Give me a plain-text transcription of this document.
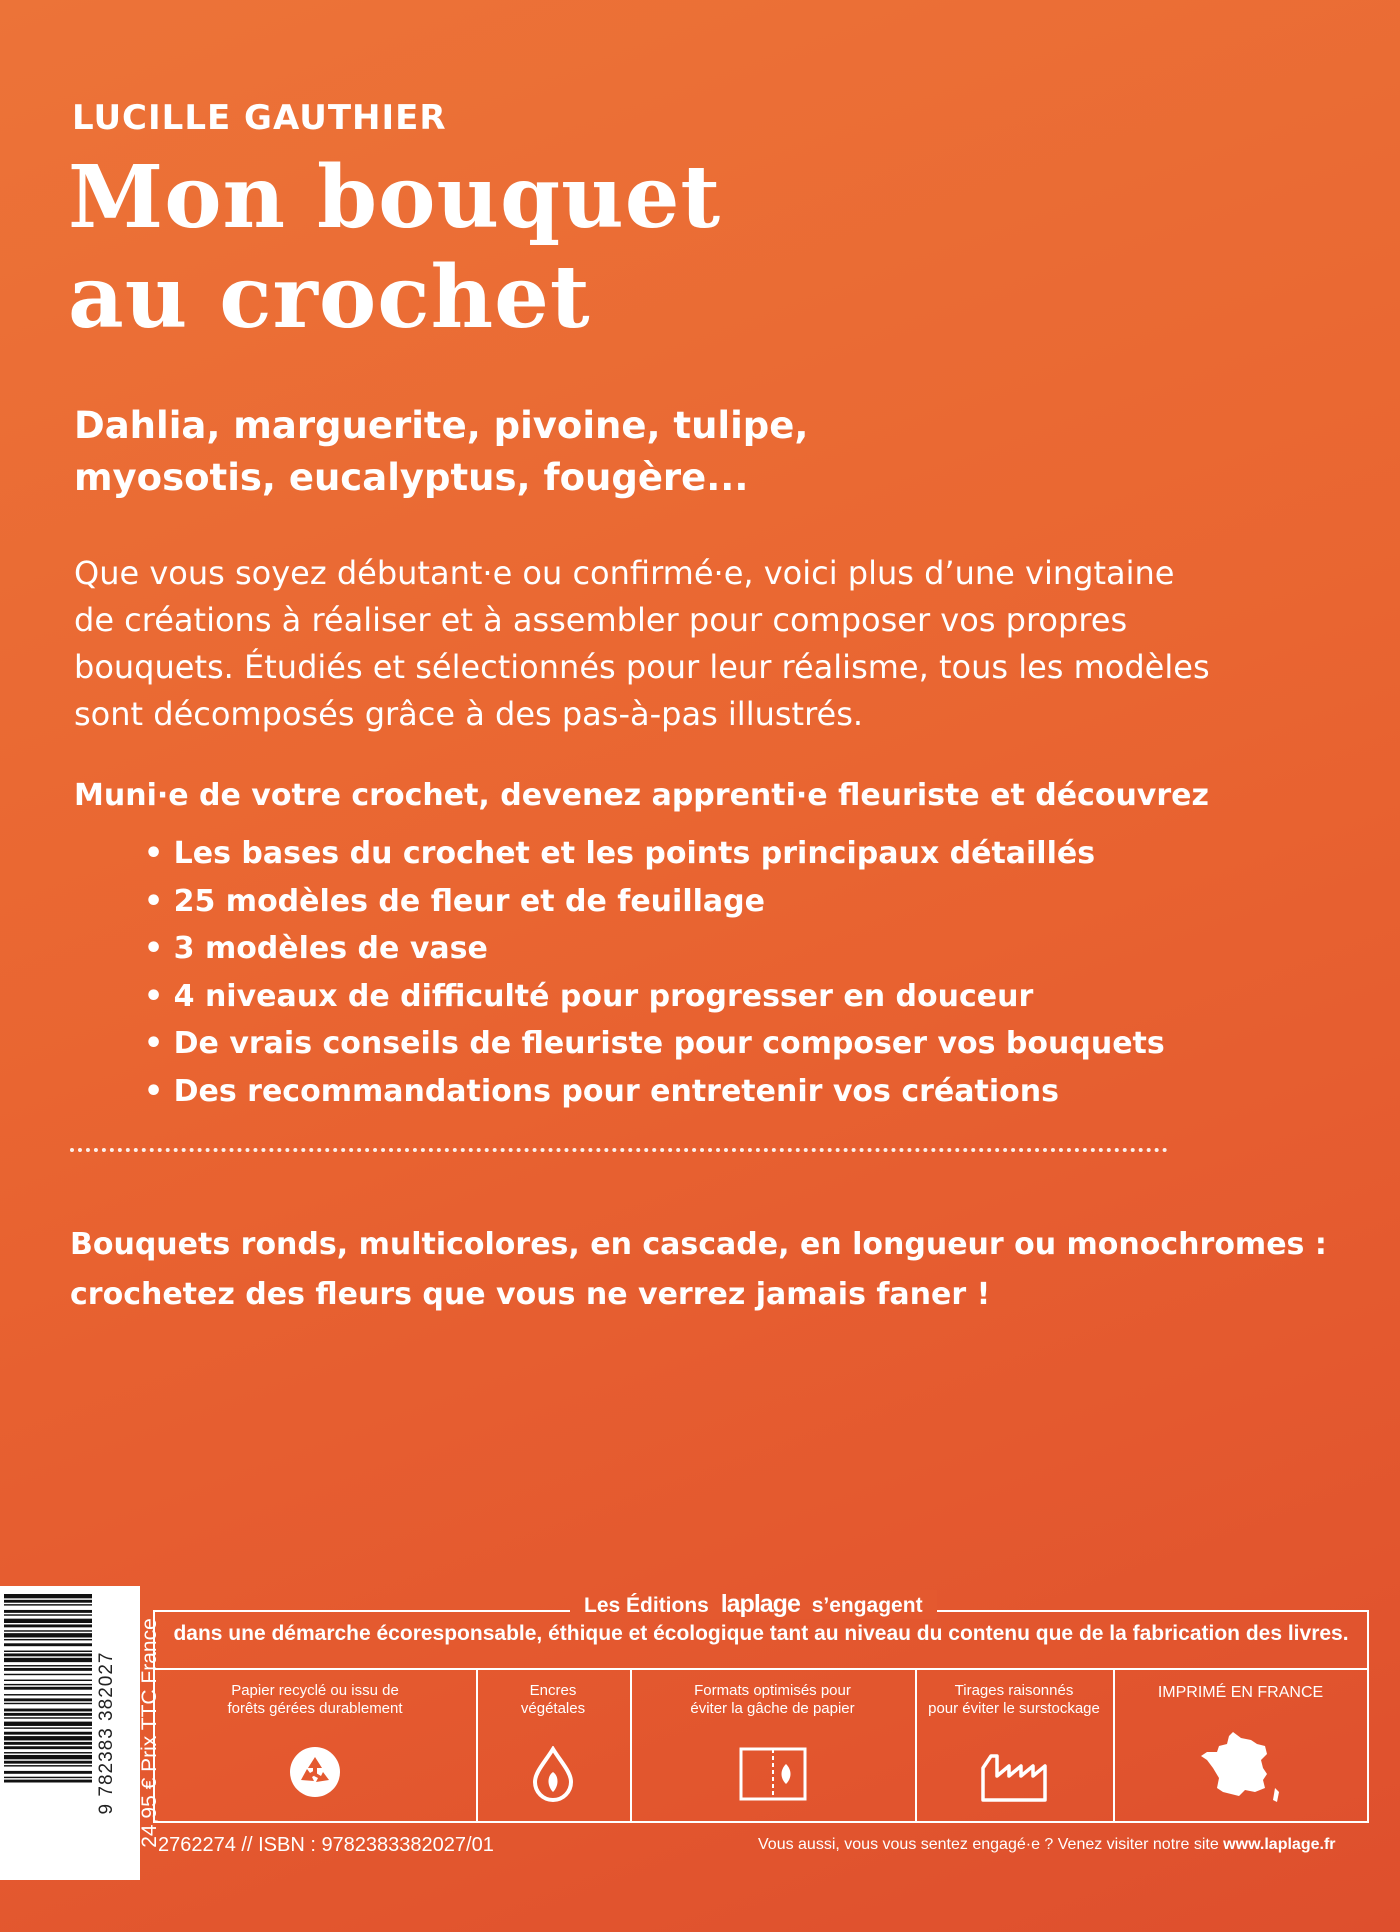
LUCILLE GAUTHIER
Mon bouquet
au crochet
Dahlia, marguerite, pivoine, tulipe,
myosotis, eucalyptus, fougère...
Que vous soyez débutant·e ou confirmé·e, voici plus d’une vingtaine
de créations à réaliser et à assembler pour composer vos propres
bouquets. Étudiés et sélectionnés pour leur réalisme, tous les modèles
sont décomposés grâce à des pas-à-pas illustrés.
Muni·e de votre crochet, devenez apprenti·e fleuriste et découvrez
• Les bases du crochet et les points principaux détaillés
• 25 modèles de fleur et de feuillage
• 3 modèles de vase
• 4 niveaux de difficulté pour progresser en douceur
• De vrais conseils de fleuriste pour composer vos bouquets
• Des recommandations pour entretenir vos créations
Bouquets ronds, multicolores, en cascade, en longueur ou monochromes :
crochetez des fleurs que vous ne verrez jamais faner !
9 782383 382027 24,95 € Prix TTC France
Les Éditions laplage s’engagent
dans une démarche écoresponsable, éthique et écologique tant au niveau du contenu que de la fabrication des livres.
Papier recyclé ou issu de
forêts gérées durablement
Encres
végétales
Formats optimisés pour
éviter la gâche de papier
Tirages raisonnés
pour éviter le surstockage
IMPRIMÉ EN FRANCE
2762274 // ISBN : 9782383382027/01	Vous aussi, vous vous sentez engagé·e ? Venez visiter notre site www.laplage.fr
